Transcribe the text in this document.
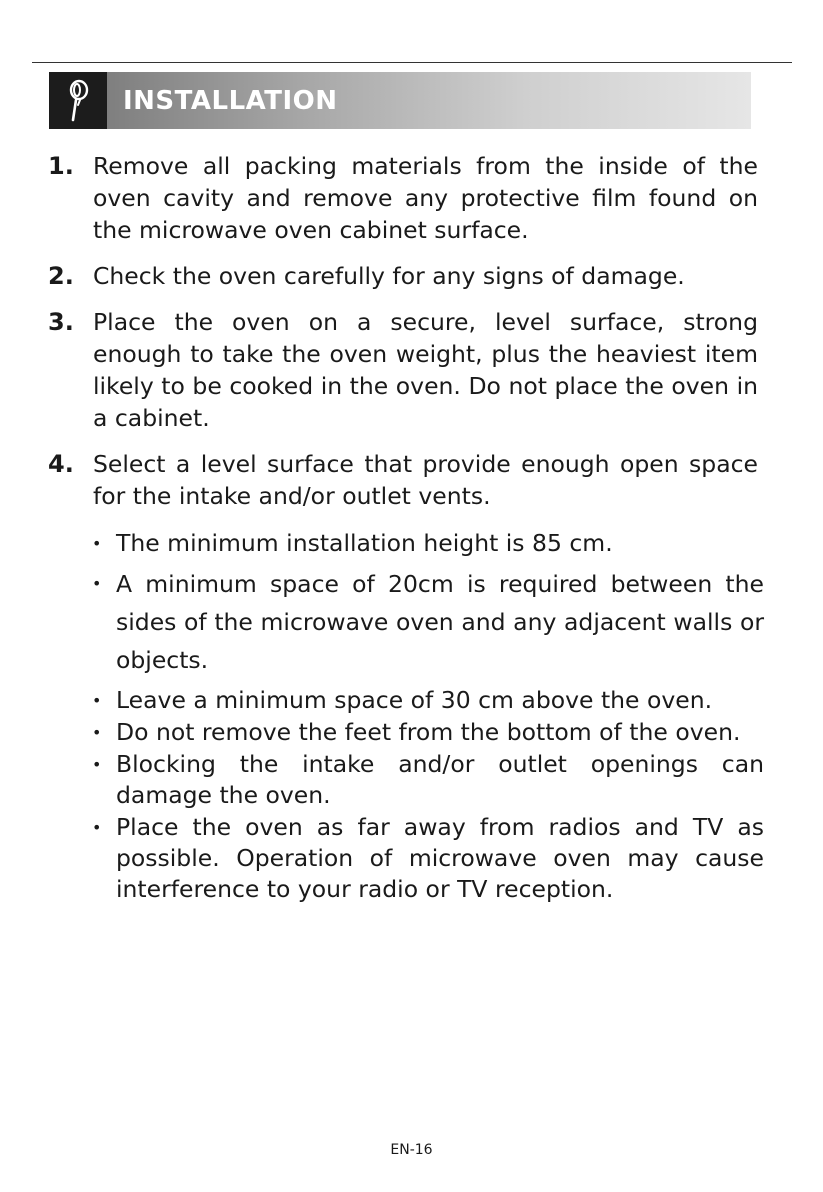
INSTALLATION
1. Remove all packing materials from the inside of the oven cavity and remove any protective film found on the microwave oven cabinet surface.
2. Check the oven carefully for any signs of damage.
3. Place the oven on a secure, level surface, strong enough to take the oven weight, plus the heaviest item likely to be cooked in the oven. Do not place the oven in a cabinet.
4. Select a level surface that provide enough open space for the intake and/or outlet vents.
• The minimum installation height is 85 cm.
• A minimum space of 20cm is required between the sides of the microwave oven and any adjacent walls or objects.
• Leave a minimum space of 30 cm above the oven.
• Do not remove the feet from the bottom of the oven.
• Blocking the intake and/or outlet openings can damage the oven.
• Place the oven as far away from radios and TV as possible. Operation of microwave oven may cause interference to your radio or TV reception.
EN-16
